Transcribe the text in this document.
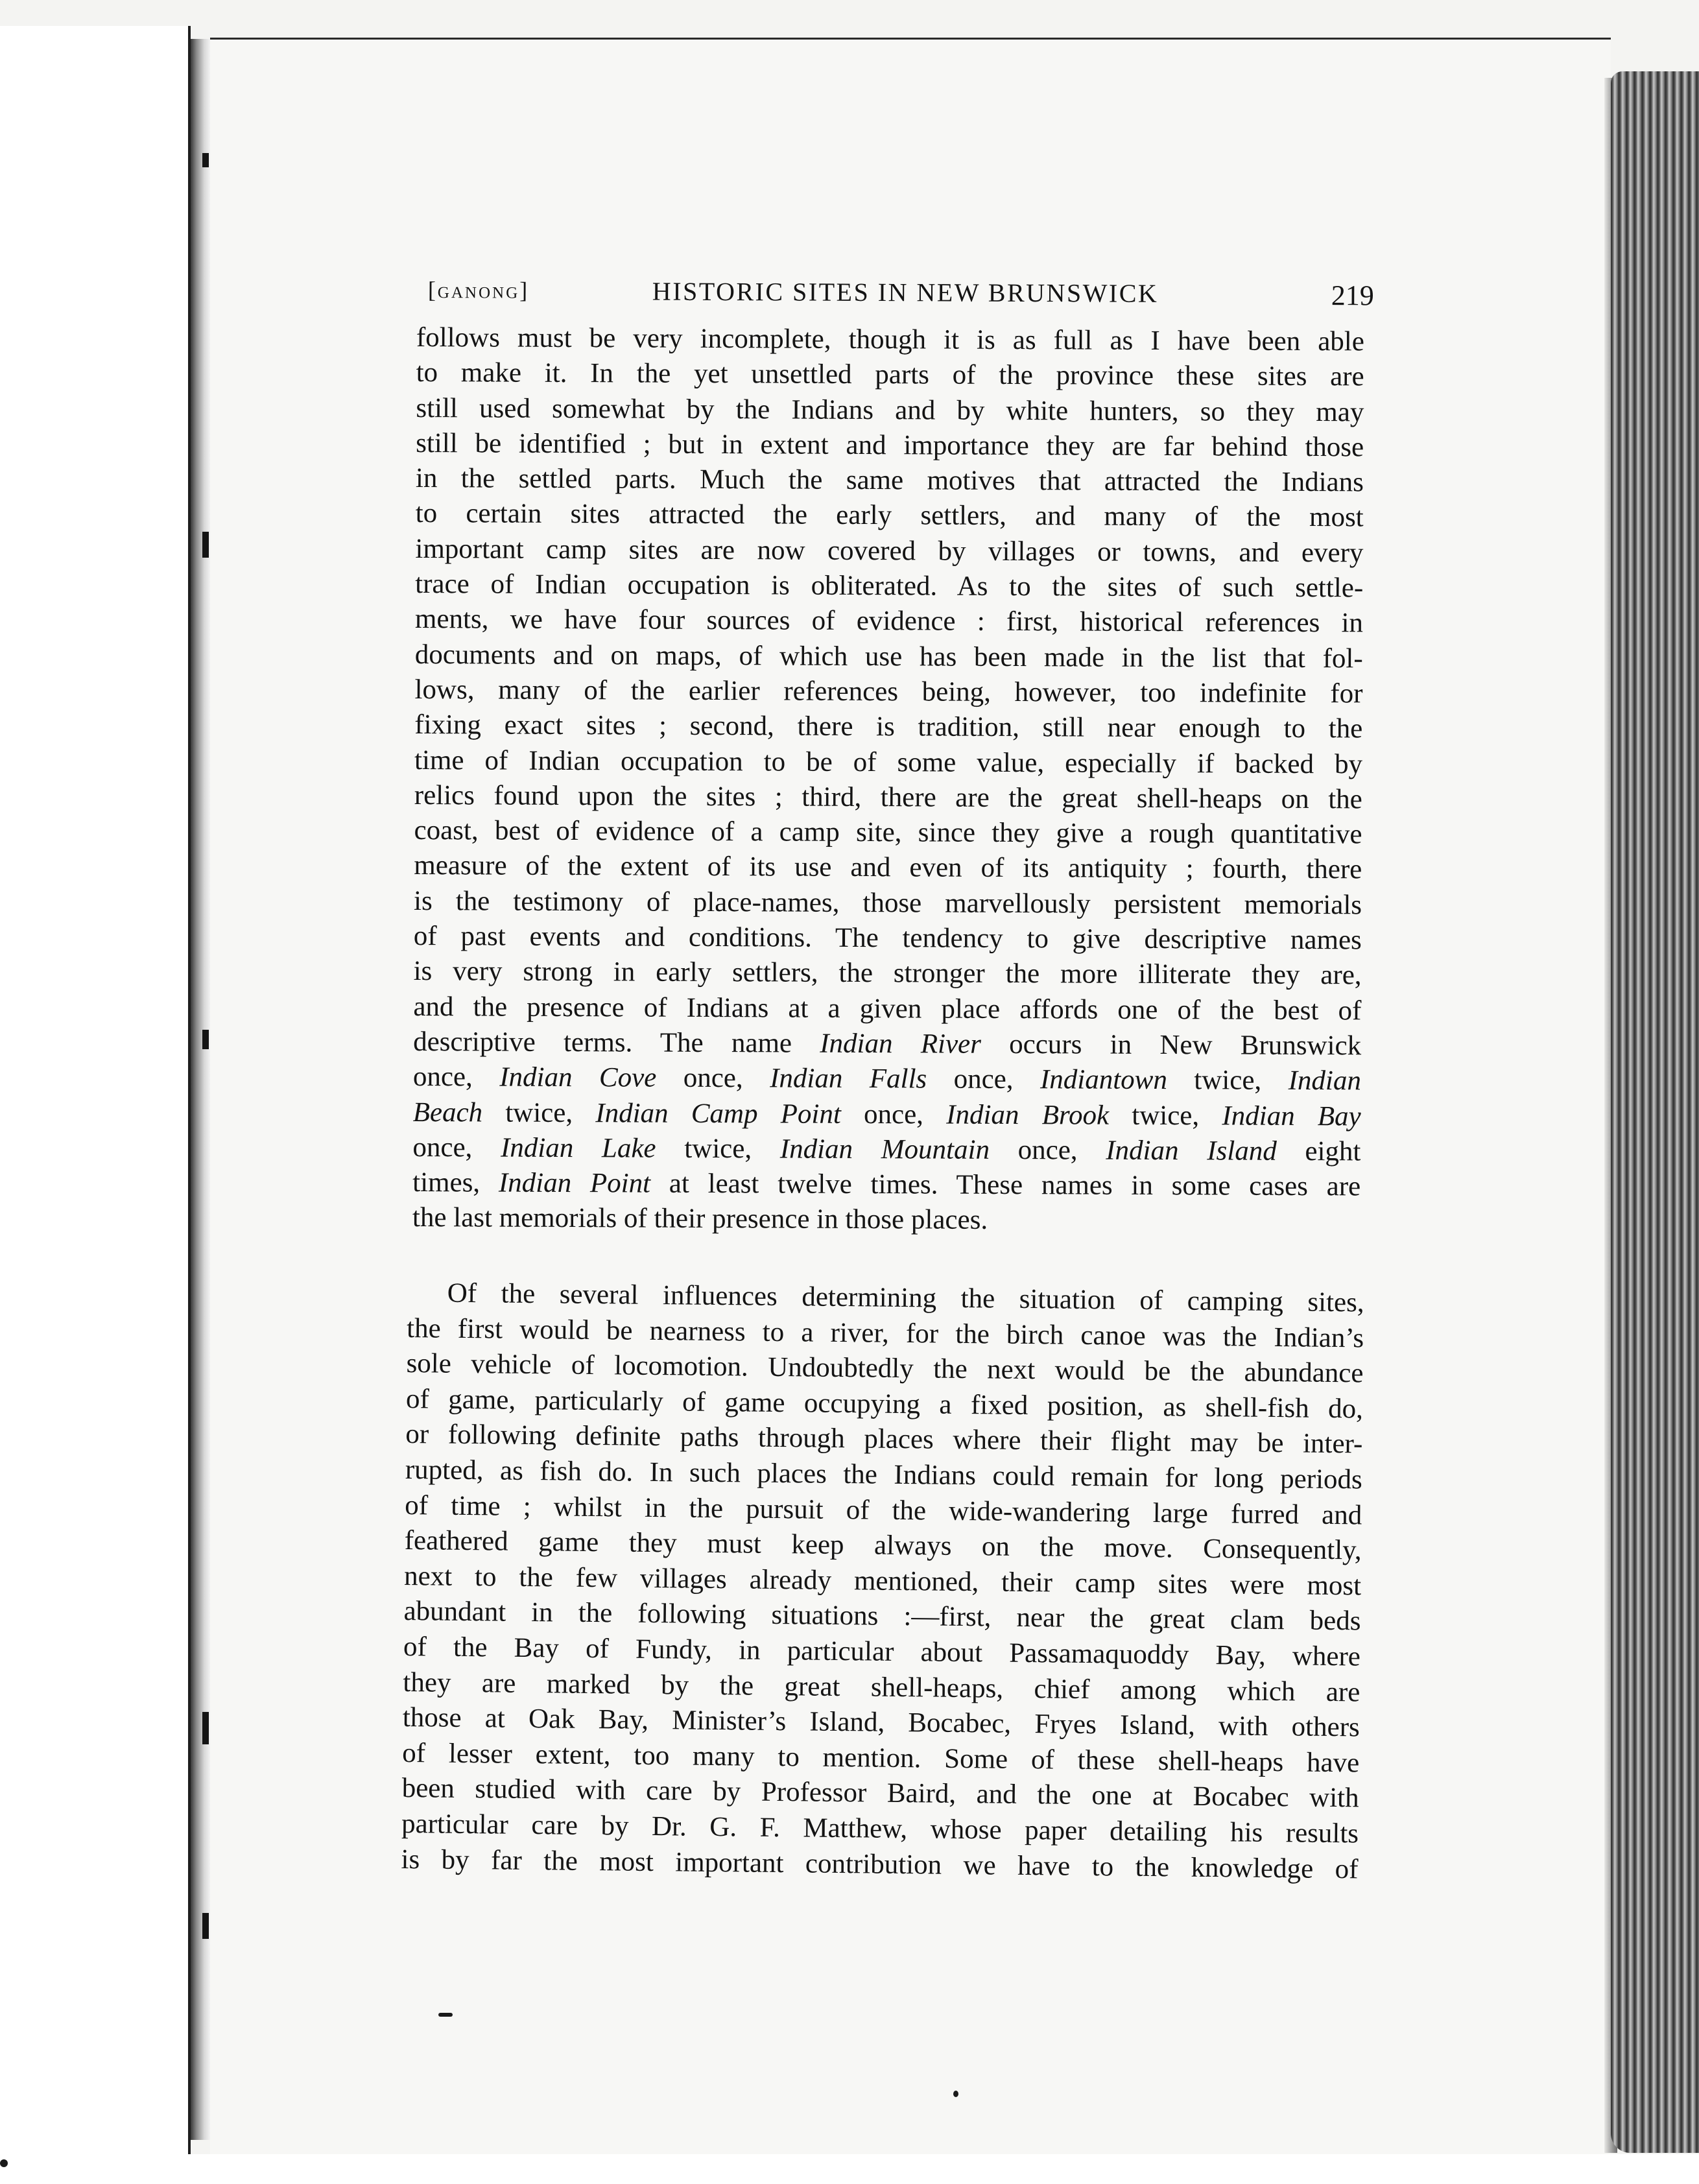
[ganong]	HISTORIC SITES IN NEW BRUNSWICK	219
follows must be very incomplete, though it is as full as I have been able
to make it. In the yet unsettled parts of the province these sites are
still used somewhat by the Indians and by white hunters, so they may
still be identified ; but in extent and importance they are far behind those
in the settled parts. Much the same motives that attracted the Indians
to certain sites attracted the early settlers, and many of the most
important camp sites are now covered by villages or towns, and every
trace of Indian occupation is obliterated. As to the sites of such settle-
ments, we have four sources of evidence : first, historical references in
documents and on maps, of which use has been made in the list that fol-
lows, many of the earlier references being, however, too indefinite for
fixing exact sites ; second, there is tradition, still near enough to the
time of Indian occupation to be of some value, especially if backed by
relics found upon the sites ; third, there are the great shell-heaps on the
coast, best of evidence of a camp site, since they give a rough quantitative
measure of the extent of its use and even of its antiquity ; fourth, there
is the testimony of place-names, those marvellously persistent memorials
of past events and conditions. The tendency to give descriptive names
is very strong in early settlers, the stronger the more illiterate they are,
and the presence of Indians at a given place affords one of the best of
descriptive terms. The name Indian River occurs in New Brunswick
once, Indian Cove once, Indian Falls once, Indiantown twice, Indian
Beach twice, Indian Camp Point once, Indian Brook twice, Indian Bay
once, Indian Lake twice, Indian Mountain once, Indian Island eight
times, Indian Point at least twelve times. These names in some cases are
the last memorials of their presence in those places.
Of the several influences determining the situation of camping sites,
the first would be nearness to a river, for the birch canoe was the Indian’s
sole vehicle of locomotion. Undoubtedly the next would be the abundance
of game, particularly of game occupying a fixed position, as shell-fish do,
or following definite paths through places where their flight may be inter-
rupted, as fish do. In such places the Indians could remain for long periods
of time ; whilst in the pursuit of the wide-wandering large furred and
feathered game they must keep always on the move. Consequently,
next to the few villages already mentioned, their camp sites were most
abundant in the following situations :—first, near the great clam beds
of the Bay of Fundy, in particular about Passamaquoddy Bay, where
they are marked by the great shell-heaps, chief among which are
those at Oak Bay, Minister’s Island, Bocabec, Fryes Island, with others
of lesser extent, too many to mention. Some of these shell-heaps have
been studied with care by Professor Baird, and the one at Bocabec with
particular care by Dr. G. F. Matthew, whose paper detailing his results
is by far the most important contribution we have to the knowledge of
